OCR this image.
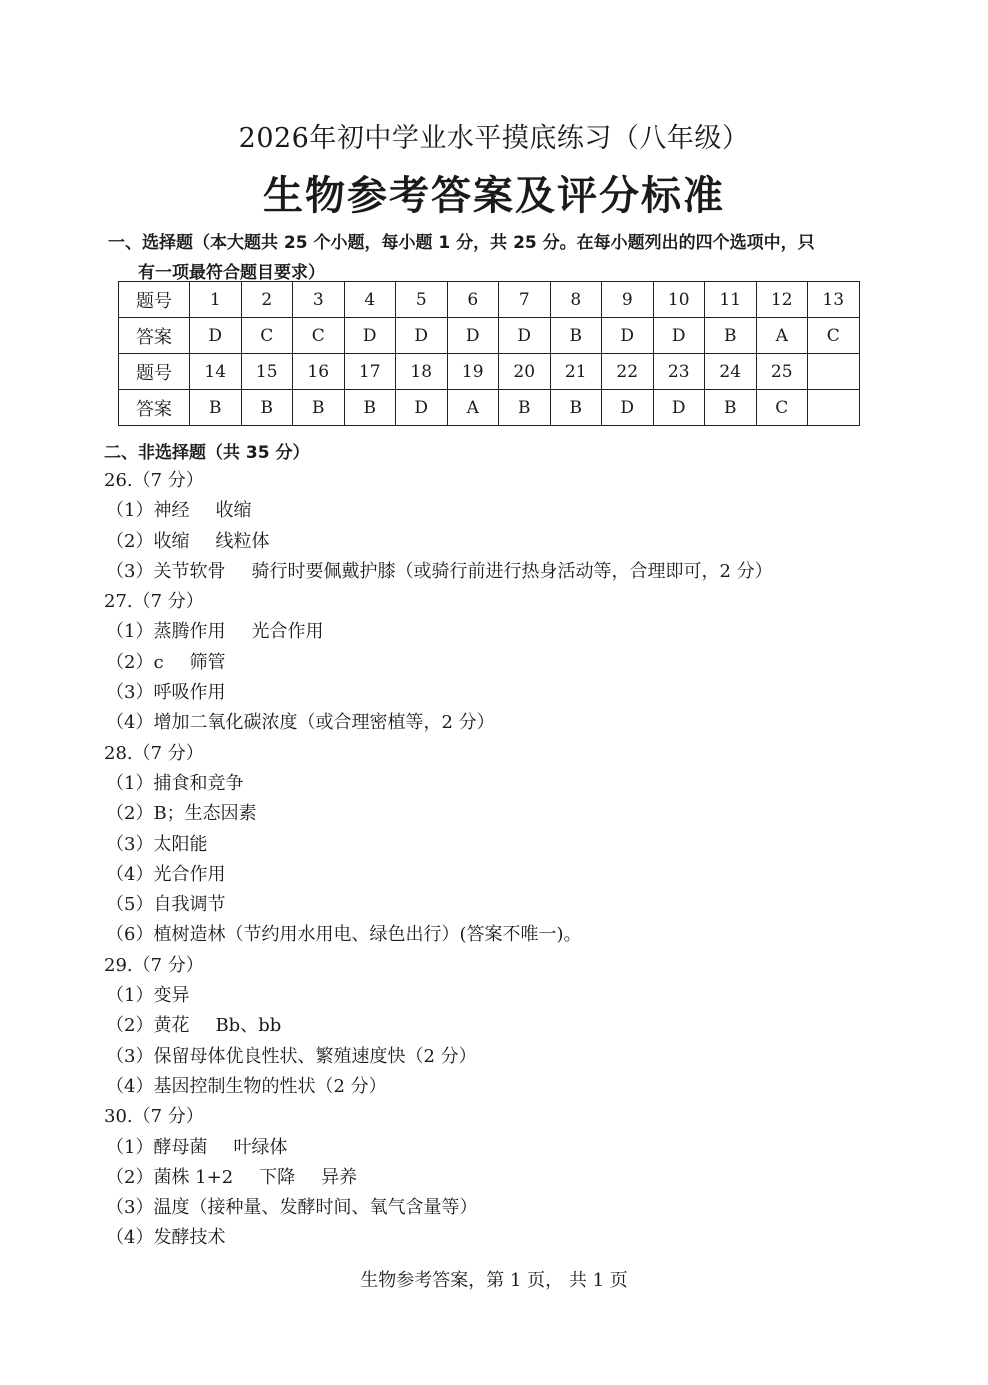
2026年初中学业水平摸底练习（八年级）
生物参考答案及评分标准
一、选择题（本大题共 25 个小题，每小题 1 分，共 25 分。在每小题列出的四个选项中，只
有一项最符合题目要求）
题号	1	2	3	4	5	6	7	8	9	10	11	12	13
答案	D	C	C	D	D	D	D	B	D	D	B	A	C
题号	14	15	16	17	18	19	20	21	22	23	24	25	
答案	B	B	B	B	D	A	B	B	D	D	B	C	
二、非选择题（共 35 分）
26.（7 分）
（1）神经 收缩
（2）收缩 线粒体
（3）关节软骨 骑行时要佩戴护膝（或骑行前进行热身活动等，合理即可，2 分）
27.（7 分）
（1）蒸腾作用 光合作用
（2）c 筛管
（3）呼吸作用
（4）增加二氧化碳浓度（或合理密植等，2 分）
28.（7 分）
（1）捕食和竞争
（2）B；生态因素
（3）太阳能
（4）光合作用
（5）自我调节
（6）植树造林（节约用水用电、绿色出行）(答案不唯一)。
29.（7 分）
（1）变异
（2）黄花 Bb、bb
（3）保留母体优良性状、繁殖速度快（2 分）
（4）基因控制生物的性状（2 分）
30.（7 分）
（1）酵母菌 叶绿体
（2）菌株 1+2 下降 异养
（3）温度（接种量、发酵时间、氧气含量等）
（4）发酵技术
生物参考答案，第 1 页， 共 1 页
